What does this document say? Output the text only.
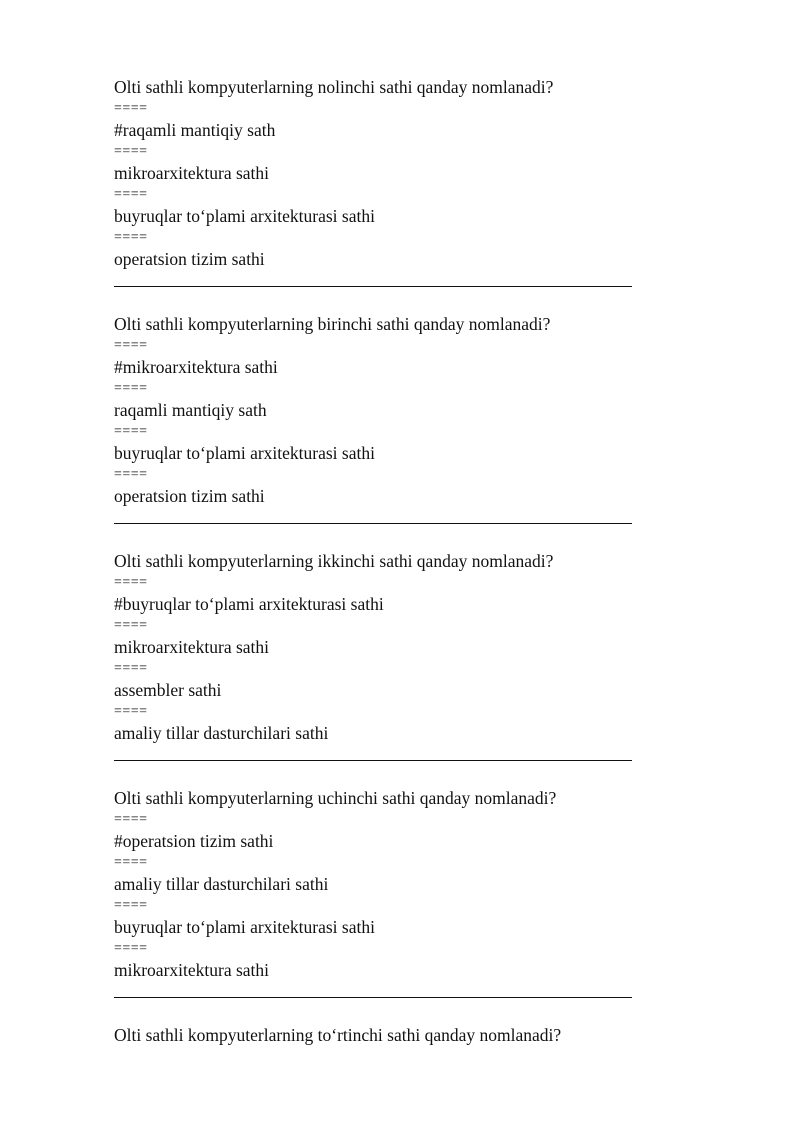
Olti sathli kompyuterlarning nolinchi sathi qanday nomlanadi?
====
#raqamli mantiqiy sath
====
mikroarxitektura sathi
====
buyruqlar to‘plami arxitekturasi sathi
====
operatsion tizim sathi
Olti sathli kompyuterlarning birinchi sathi qanday nomlanadi?
====
#mikroarxitektura sathi
====
raqamli mantiqiy sath
====
buyruqlar to‘plami arxitekturasi sathi
====
operatsion tizim sathi
Olti sathli kompyuterlarning ikkinchi sathi qanday nomlanadi?
====
#buyruqlar to‘plami arxitekturasi sathi
====
mikroarxitektura sathi
====
assembler sathi
====
amaliy tillar dasturchilari sathi
Olti sathli kompyuterlarning uchinchi sathi qanday nomlanadi?
====
#operatsion tizim sathi
====
amaliy tillar dasturchilari sathi
====
buyruqlar to‘plami arxitekturasi sathi
====
mikroarxitektura sathi
Olti sathli kompyuterlarning to‘rtinchi sathi qanday nomlanadi?
